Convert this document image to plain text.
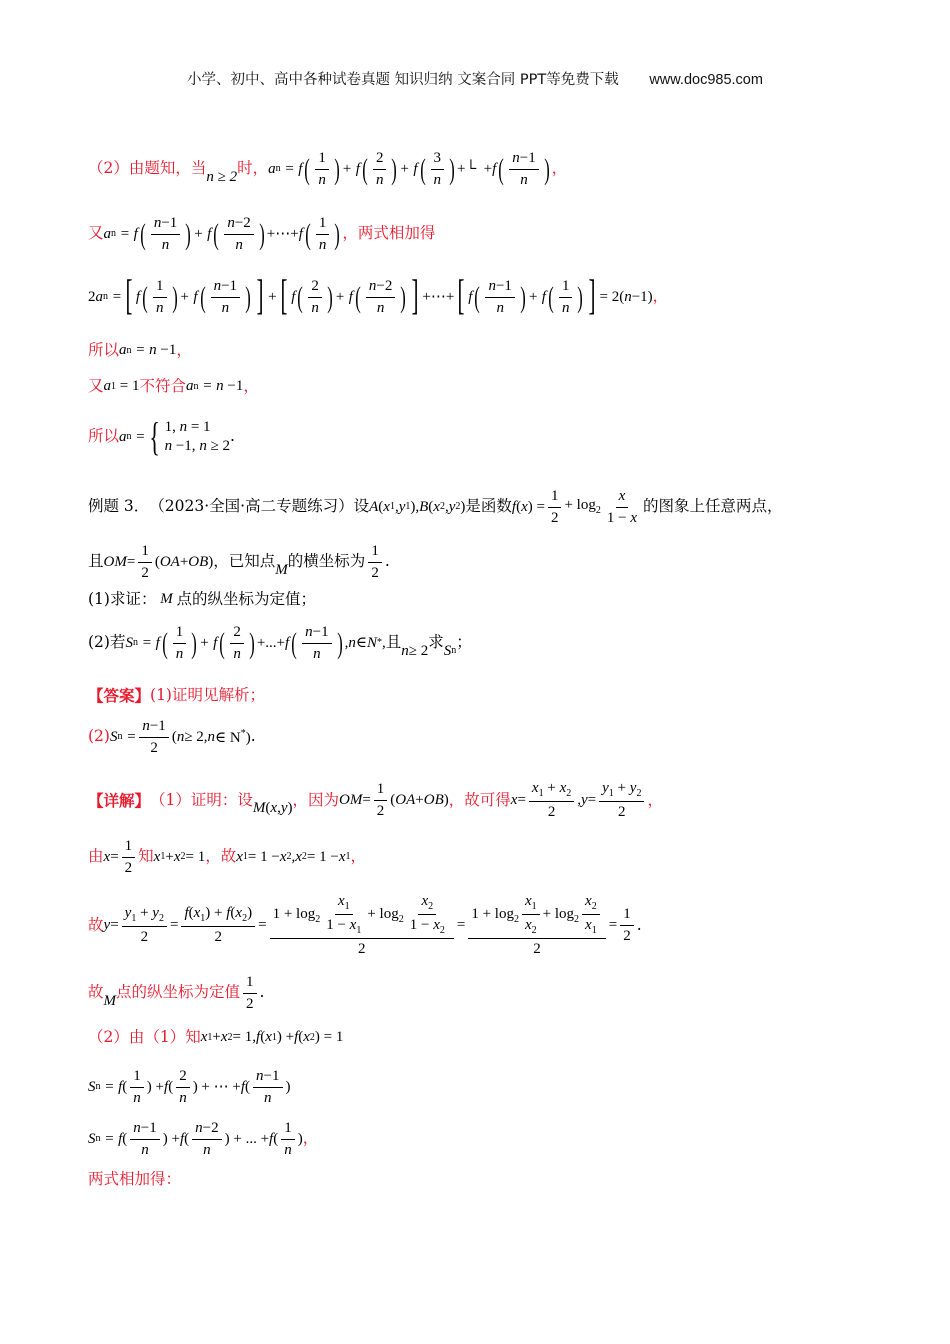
小学、初中、高中各种试卷真题 知识归纳 文案合同 PPT等免费下载 www.doc985.com
（2）由题知，当 n ≥ 2 时， a n = f ( $\frac{1}{n}$ ) + f ( $\frac{2}{n}$ ) + f ( $\frac{3}{n}$ ) +└  + f ( $\frac{n-1}{n}$ ) ，
又 a n = f ( $\frac{n-1}{n}$ ) + f ( $\frac{n-2}{n}$ ) +⋯+ f ( $\frac{1}{n}$ ) ，两式相加得
2 a n = [ f ( $\frac{1}{n}$ ) + f ( $\frac{n-1}{n}$ ) ] + [ f ( $\frac{2}{n}$ ) + f ( $\frac{n-2}{n}$ ) ] +⋯+ [ f ( $\frac{n-1}{n}$ ) + f ( $\frac{1}{n}$ ) ] = 2( n −1) ，
所以 a n = n −1 ，
又 a 1 = 1 不符合 a n = n −1 ，
所以 a n = { 1, n = 1
n −1, n ≥ 2
.
例题 3． （2023·全国·高二专题练习）设 A ( x 1 , y 1 ), B ( x 2 , y 2 ) 是函数 f ( x ) = $\frac{1}{2} + \log_2 \frac{x}{1 - x}$ 的图象上任意两点，
且 OM = $\frac{1}{2}$ ( OA + OB ) ，已知点 M 的横坐标为 $\frac{1}{2}$ .
(1)求证： M 点的纵坐标为定值；
(2)若 S n = f ( $\frac{1}{n}$ ) + f ( $\frac{2}{n}$ ) +...+ f ( $\frac{n-1}{n}$ ) , n ∈ N * , 且 n ≥ 2 求 S n ；
【答案】 (1)证明见解析；
(2) S $n = \frac{n-1}{2}$ ( n ≥ 2, n ∈ N*) .
【详解】 （1）证明：设 M ( x , y ) ，因为 OM = $\frac{1}{2}$ ( OA + OB ) ，故可得 $x = \frac{x_1 + x_2}{2}$ , $y = \frac{y_1 + y_2}{2}$ ，
由 $x = \frac{1}{2}$ 知 x 1 + x 2 = 1 ， 故 x 1 = 1 − x 2 , x 2 = 1 − x 1 ，
故 $y = \frac{y_1 + y_2}{2} = \frac{f(x_1) + f(x_2)}{2} = \frac{1 + \log_2 \frac{x_1}{1 - x_1} + \log_2 \frac{x_2}{1 - x_2}}{2} = \frac{1 + \log_2 \frac{x_1}{x_2} + \log_2 \frac{x_2}{x_1}}{2} = \frac{1}{2}$ .
故 M 点的纵坐标为定值 $\frac{1}{2}$ .
（2）由（1）知 x 1 + x 2 = 1, f ( x 1 ) + f ( x 2 ) = 1
S n = f ( $\frac{1}{n}$ ) + f ( $\frac{2}{n}$ ) + ⋯ + f ( $\frac{n-1}{n}$ )
S n = f ( $\frac{n-1}{n}$ ) + f ( $\frac{n-2}{n}$ ) + ... + f ( $\frac{1}{n}$ ) ，
两式相加得：
